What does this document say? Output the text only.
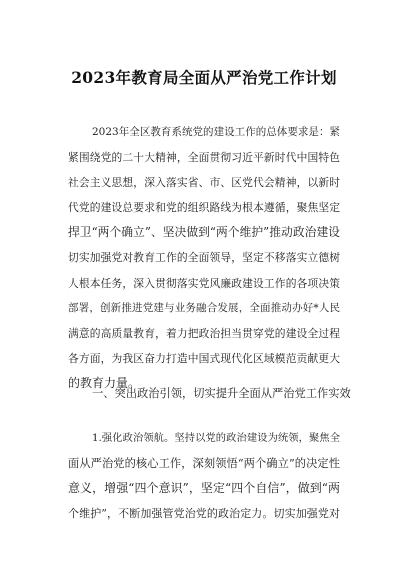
2023年教育局全面从严治党工作计划
2023年全区教育系统党的建设工作的总体要求是：紧
紧围绕党的二十大精神，全面贯彻习近平新时代中国特色
社会主义思想，深入落实省、市、区党代会精神，以新时
代党的建设总要求和党的组织路线为根本遵循，聚焦坚定
捍卫“两个确立”、坚决做到“两个维护”推动政治建设
切实加强党对教育工作的全面领导，坚定不移落实立德树
人根本任务，深入贯彻落实党风廉政建设工作的各项决策
部署，创新推进党建与业务融合发展，全面推动办好*人民
满意的高质量教育，着力把政治担当贯穿党的建设全过程
各方面，为我区奋力打造中国式现代化区域模范贡献更大
的教育力量。
一、突出政治引领，切实提升全面从严治党工作实效
1.强化政治领航。坚持以党的政治建设为统领，聚焦全
面从严治党的核心工作，深刻领悟“两个确立”的决定性
意义，增强“四个意识”，坚定“四个自信”，做到“两
个维护”，不断加强管党治党的政治定力。切实加强党对
